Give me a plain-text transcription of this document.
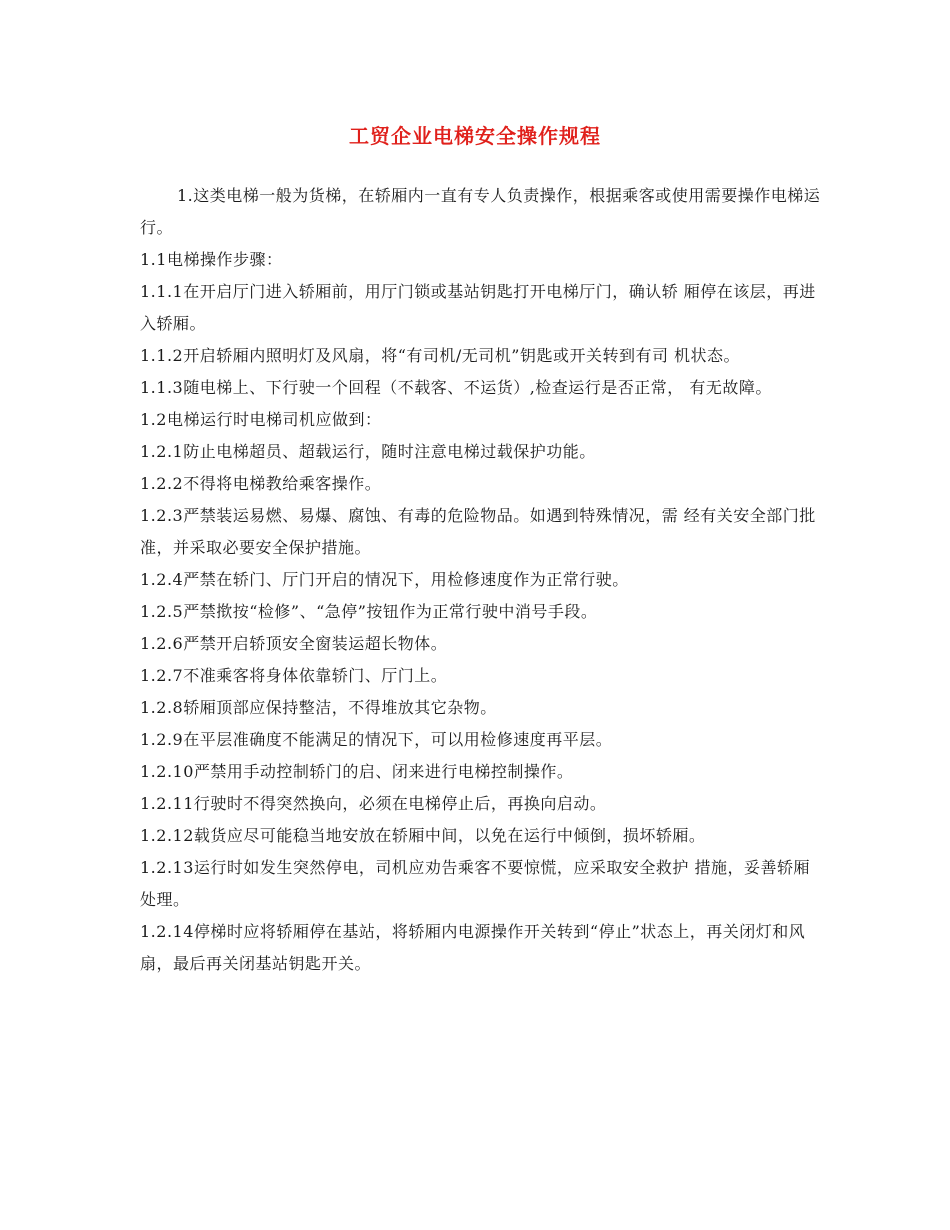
工贸企业电梯安全操作规程

1.这类电梯一般为货梯，在轿厢内一直有专人负责操作，根据乘客或使用需要操作电梯运行。

1.1电梯操作步骤：

1.1.1在开启厅门进入轿厢前，用厅门锁或基站钥匙打开电梯厅门，确认轿 厢停在该层，再进入轿厢。

1.1.2开启轿厢内照明灯及风扇，将“有司机/无司机”钥匙或开关转到有司 机状态。

1.1.3随电梯上、下行驶一个回程（不载客、不运货）,检查运行是否正常， 有无故障。

1.2电梯运行时电梯司机应做到：

1.2.1防止电梯超员、超载运行，随时注意电梯过载保护功能。

1.2.2不得将电梯教给乘客操作。

1.2.3严禁装运易燃、易爆、腐蚀、有毒的危险物品。如遇到特殊情况，需 经有关安全部门批准，并采取必要安全保护措施。

1.2.4严禁在轿门、厅门开启的情况下，用检修速度作为正常行驶。

1.2.5严禁揿按“检修”、“急停”按钮作为正常行驶中消号手段。

1.2.6严禁开启轿顶安全窗装运超长物体。

1.2.7不准乘客将身体依靠轿门、厅门上。

1.2.8轿厢顶部应保持整洁，不得堆放其它杂物。

1.2.9在平层准确度不能满足的情况下，可以用检修速度再平层。

1.2.10严禁用手动控制轿门的启、闭来进行电梯控制操作。

1.2.11行驶时不得突然换向，必须在电梯停止后，再换向启动。

1.2.12载货应尽可能稳当地安放在轿厢中间，以免在运行中倾倒，损坏轿厢。

1.2.13运行时如发生突然停电，司机应劝告乘客不要惊慌，应采取安全救护 措施，妥善轿厢处理。

1.2.14停梯时应将轿厢停在基站，将轿厢内电源操作开关转到“停止”状态上，再关闭灯和风扇，最后再关闭基站钥匙开关。
